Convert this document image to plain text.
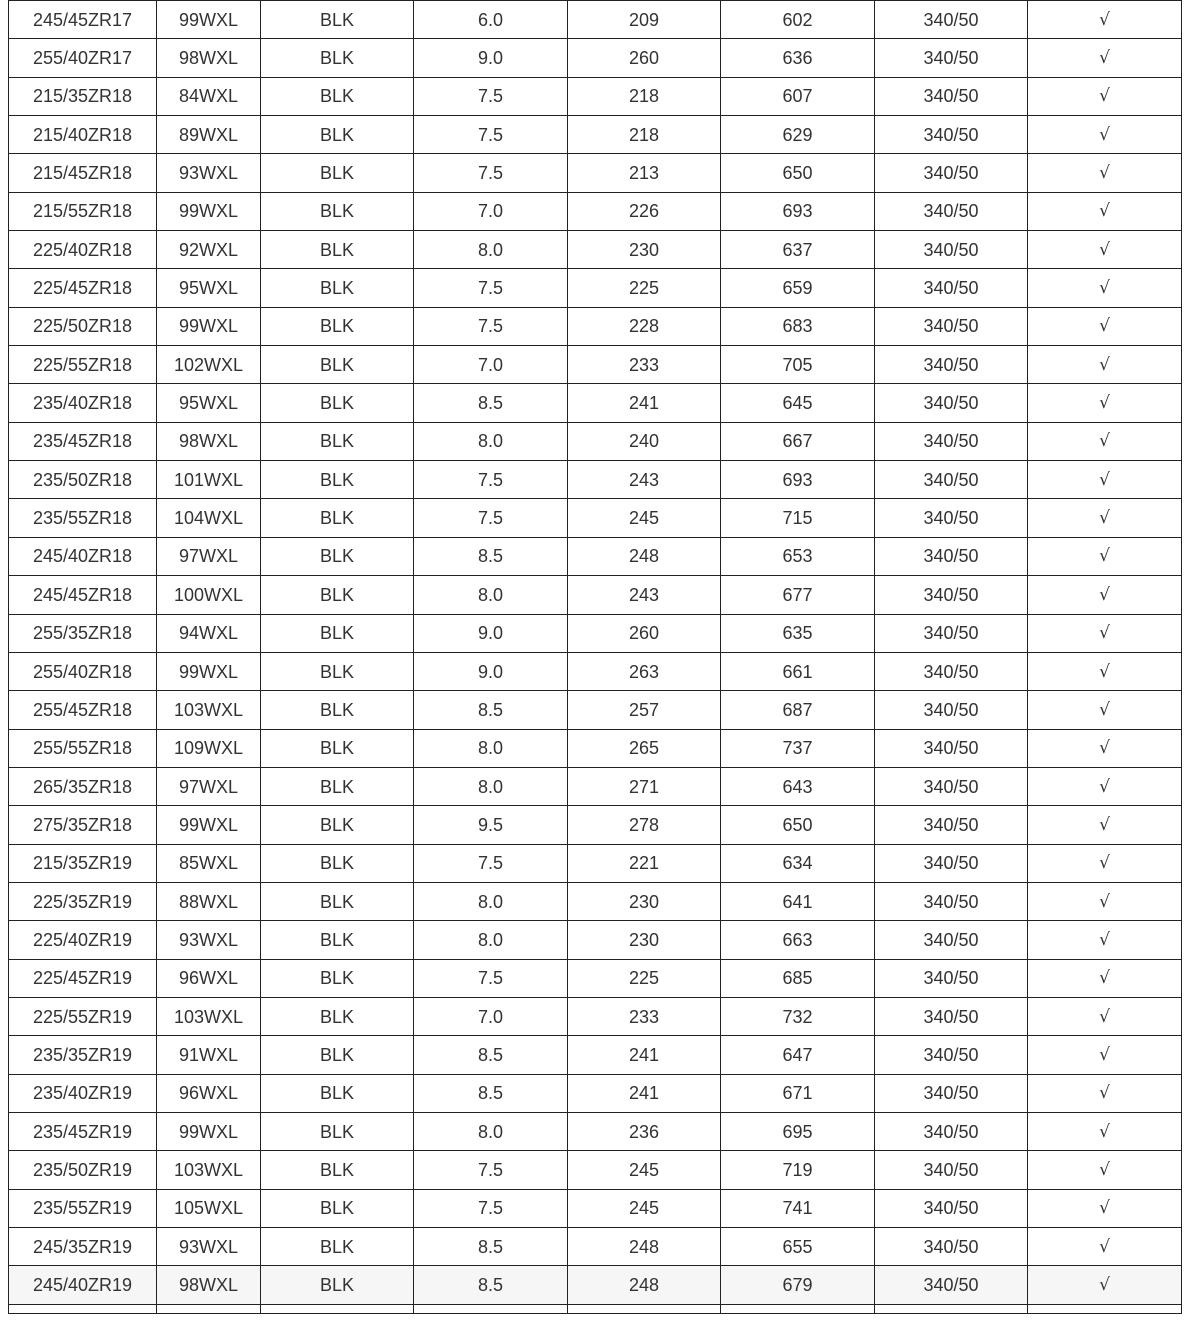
245/45ZR17	99WXL	BLK	6.0	209	602	340/50	√
255/40ZR17	98WXL	BLK	9.0	260	636	340/50	√
215/35ZR18	84WXL	BLK	7.5	218	607	340/50	√
215/40ZR18	89WXL	BLK	7.5	218	629	340/50	√
215/45ZR18	93WXL	BLK	7.5	213	650	340/50	√
215/55ZR18	99WXL	BLK	7.0	226	693	340/50	√
225/40ZR18	92WXL	BLK	8.0	230	637	340/50	√
225/45ZR18	95WXL	BLK	7.5	225	659	340/50	√
225/50ZR18	99WXL	BLK	7.5	228	683	340/50	√
225/55ZR18	102WXL	BLK	7.0	233	705	340/50	√
235/40ZR18	95WXL	BLK	8.5	241	645	340/50	√
235/45ZR18	98WXL	BLK	8.0	240	667	340/50	√
235/50ZR18	101WXL	BLK	7.5	243	693	340/50	√
235/55ZR18	104WXL	BLK	7.5	245	715	340/50	√
245/40ZR18	97WXL	BLK	8.5	248	653	340/50	√
245/45ZR18	100WXL	BLK	8.0	243	677	340/50	√
255/35ZR18	94WXL	BLK	9.0	260	635	340/50	√
255/40ZR18	99WXL	BLK	9.0	263	661	340/50	√
255/45ZR18	103WXL	BLK	8.5	257	687	340/50	√
255/55ZR18	109WXL	BLK	8.0	265	737	340/50	√
265/35ZR18	97WXL	BLK	8.0	271	643	340/50	√
275/35ZR18	99WXL	BLK	9.5	278	650	340/50	√
215/35ZR19	85WXL	BLK	7.5	221	634	340/50	√
225/35ZR19	88WXL	BLK	8.0	230	641	340/50	√
225/40ZR19	93WXL	BLK	8.0	230	663	340/50	√
225/45ZR19	96WXL	BLK	7.5	225	685	340/50	√
225/55ZR19	103WXL	BLK	7.0	233	732	340/50	√
235/35ZR19	91WXL	BLK	8.5	241	647	340/50	√
235/40ZR19	96WXL	BLK	8.5	241	671	340/50	√
235/45ZR19	99WXL	BLK	8.0	236	695	340/50	√
235/50ZR19	103WXL	BLK	7.5	245	719	340/50	√
235/55ZR19	105WXL	BLK	7.5	245	741	340/50	√
245/35ZR19	93WXL	BLK	8.5	248	655	340/50	√
245/40ZR19	98WXL	BLK	8.5	248	679	340/50	√
